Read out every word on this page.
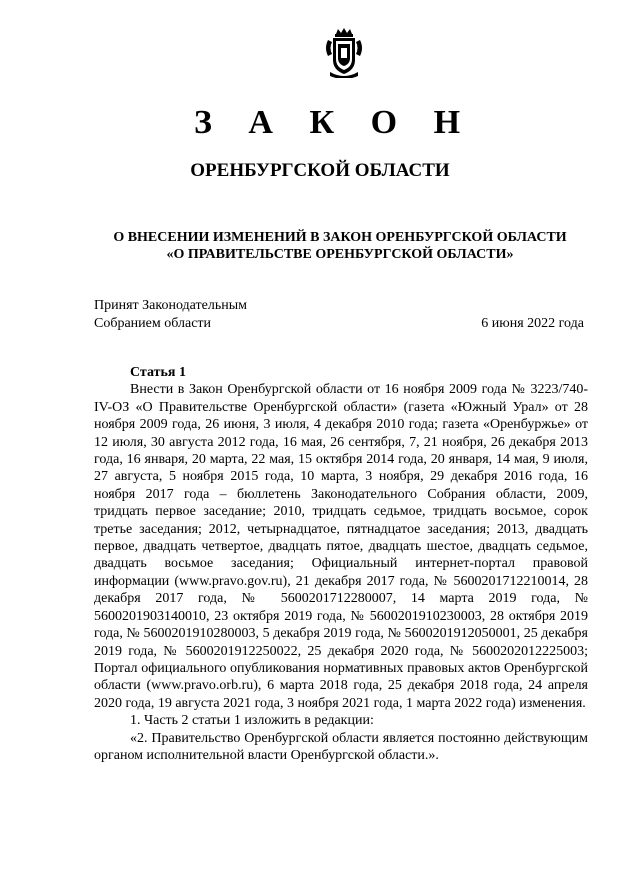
З А К О Н
ОРЕНБУРГСКОЙ ОБЛАСТИ
О ВНЕСЕНИИ ИЗМЕНЕНИЙ В ЗАКОН ОРЕНБУРГСКОЙ ОБЛАСТИ
«О ПРАВИТЕЛЬСТВЕ ОРЕНБУРГСКОЙ ОБЛАСТИ»
Принят Законодательным
Собранием области	6 июня 2022 года
Статья 1

Внести в Закон Оренбургской области от 16 ноября 2009 года № 3223/740-IV-ОЗ «О Правительстве Оренбургской области» (газета «Южный Урал» от 28 ноября 2009 года, 26 июня, 3 июля, 4 декабря 2010 года; газета «Оренбуржье» от 12 июля, 30 августа 2012 года, 16 мая, 26 сентября, 7, 21 ноября, 26 декабря 2013 года, 16 января, 20 марта, 22 мая, 15 октября 2014 года, 20 января, 14 мая, 9 июля, 27 августа, 5 ноября 2015 года, 10 марта, 3 ноября, 29 декабря 2016 года, 16 ноября 2017 года – бюллетень Законодательного Собрания области, 2009, тридцать первое заседание; 2010, тридцать седьмое, тридцать восьмое, сорок третье заседания; 2012, четырнадцатое, пятнадцатое заседания; 2013, двадцать первое, двадцать четвертое, двадцать пятое, двадцать шестое, двадцать седьмое, двадцать восьмое заседания; Официальный интернет-портал правовой информации (www.pravo.gov.ru), 21 декабря 2017 года, № 5600201712210014, 28 декабря 2017 года, № 5600201712280007, 14 марта 2019 года, № 5600201903140010, 23 октября 2019 года, № 5600201910230003, 28 октября 2019 года, № 5600201910280003, 5 декабря 2019 года, № 5600201912050001, 25 декабря 2019 года, № 5600201912250022, 25 декабря 2020 года, № 5600202012225003; Портал официального опубликования нормативных правовых актов Оренбургской области (www.pravo.orb.ru), 6 марта 2018 года, 25 декабря 2018 года, 24 апреля 2020 года, 19 августа 2021 года, 3 ноября 2021 года, 1 марта 2022 года) изменения.

1. Часть 2 статьи 1 изложить в редакции:

«2. Правительство Оренбургской области является постоянно действующим органом исполнительной власти Оренбургской области.».
